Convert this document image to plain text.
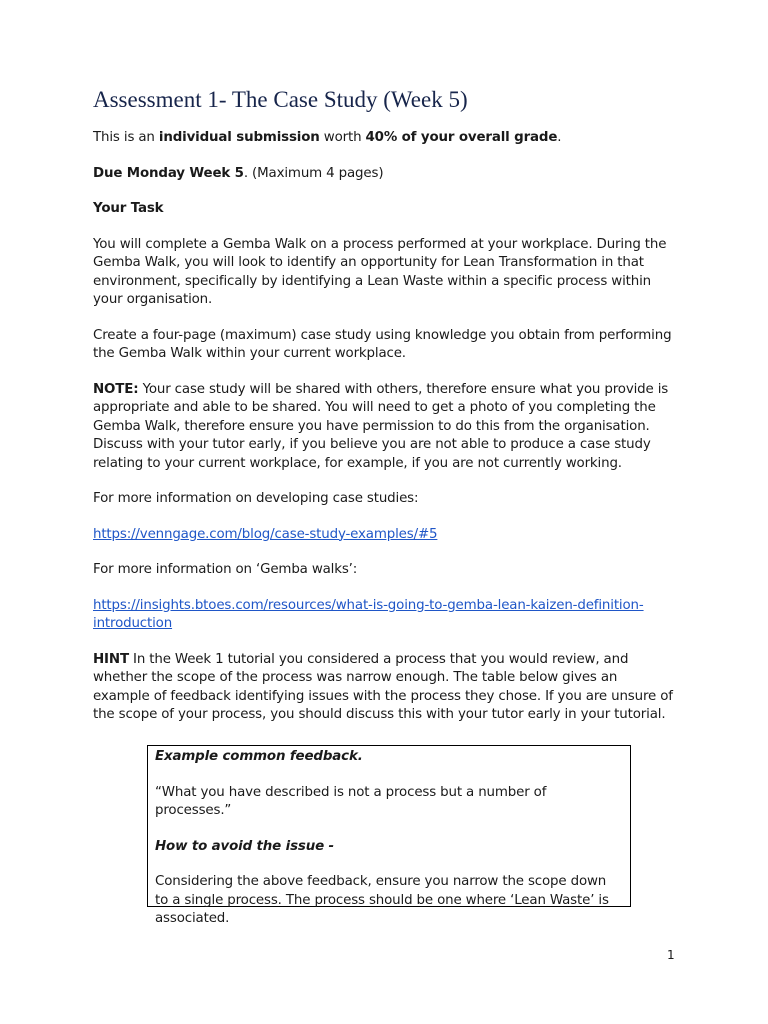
Assessment 1- The Case Study (Week 5)

This is an individual submission worth 40% of your overall grade.

Due Monday Week 5. (Maximum 4 pages)

Your Task

You will complete a Gemba Walk on a process performed at your workplace. During the Gemba Walk, you will look to identify an opportunity for Lean Transformation in that environment, specifically by identifying a Lean Waste within a specific process within your organisation.

Create a four-page (maximum) case study using knowledge you obtain from performing the Gemba Walk within your current workplace.

NOTE: Your case study will be shared with others, therefore ensure what you provide is appropriate and able to be shared. You will need to get a photo of you completing the Gemba Walk, therefore ensure you have permission to do this from the organisation. Discuss with your tutor early, if you believe you are not able to produce a case study relating to your current workplace, for example, if you are not currently working.

For more information on developing case studies:

https://venngage.com/blog/case-study-examples/#5

For more information on ‘Gemba walks’:

https://insights.btoes.com/resources/what-is-going-to-gemba-lean-kaizen-definition-introduction

HINT In the Week 1 tutorial you considered a process that you would review, and whether the scope of the process was narrow enough. The table below gives an example of feedback identifying issues with the process they chose. If you are unsure of the scope of your process, you should discuss this with your tutor early in your tutorial.

Example common feedback.

“What you have described is not a process but a number of processes.”

How to avoid the issue -

Considering the above feedback, ensure you narrow the scope down to a single process. The process should be one where ‘Lean Waste’ is associated.

1
